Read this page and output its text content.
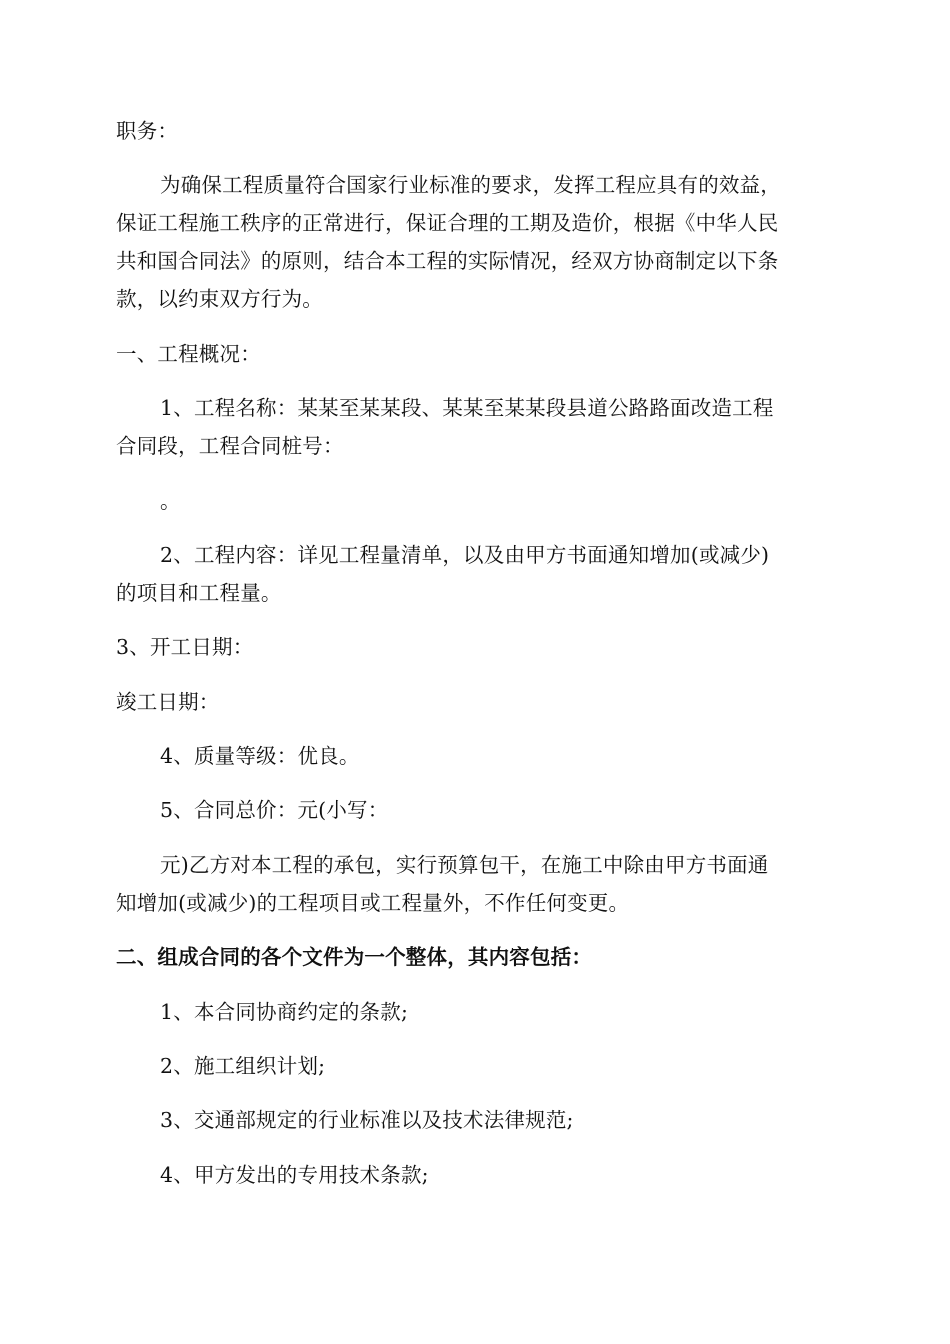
职务：
为确保工程质量符合国家行业标准的要求，发挥工程应具有的效益，
保证工程施工秩序的正常进行，保证合理的工期及造价，根据《中华人民
共和国合同法》的原则，结合本工程的实际情况，经双方协商制定以下条
款，以约束双方行为。
一、工程概况：
1、工程名称：某某至某某段、某某至某某段县道公路路面改造工程
合同段，工程合同桩号：
。
2、工程内容：详见工程量清单，以及由甲方书面通知增加(或减少)
的项目和工程量。
3、开工日期：
竣工日期：
4、质量等级：优良。
5、合同总价：元(小写：
元)乙方对本工程的承包，实行预算包干，在施工中除由甲方书面通
知增加(或减少)的工程项目或工程量外，不作任何变更。
二、组成合同的各个文件为一个整体，其内容包括：
1、本合同协商约定的条款;
2、施工组织计划;
3、交通部规定的行业标准以及技术法律规范;
4、甲方发出的专用技术条款;
